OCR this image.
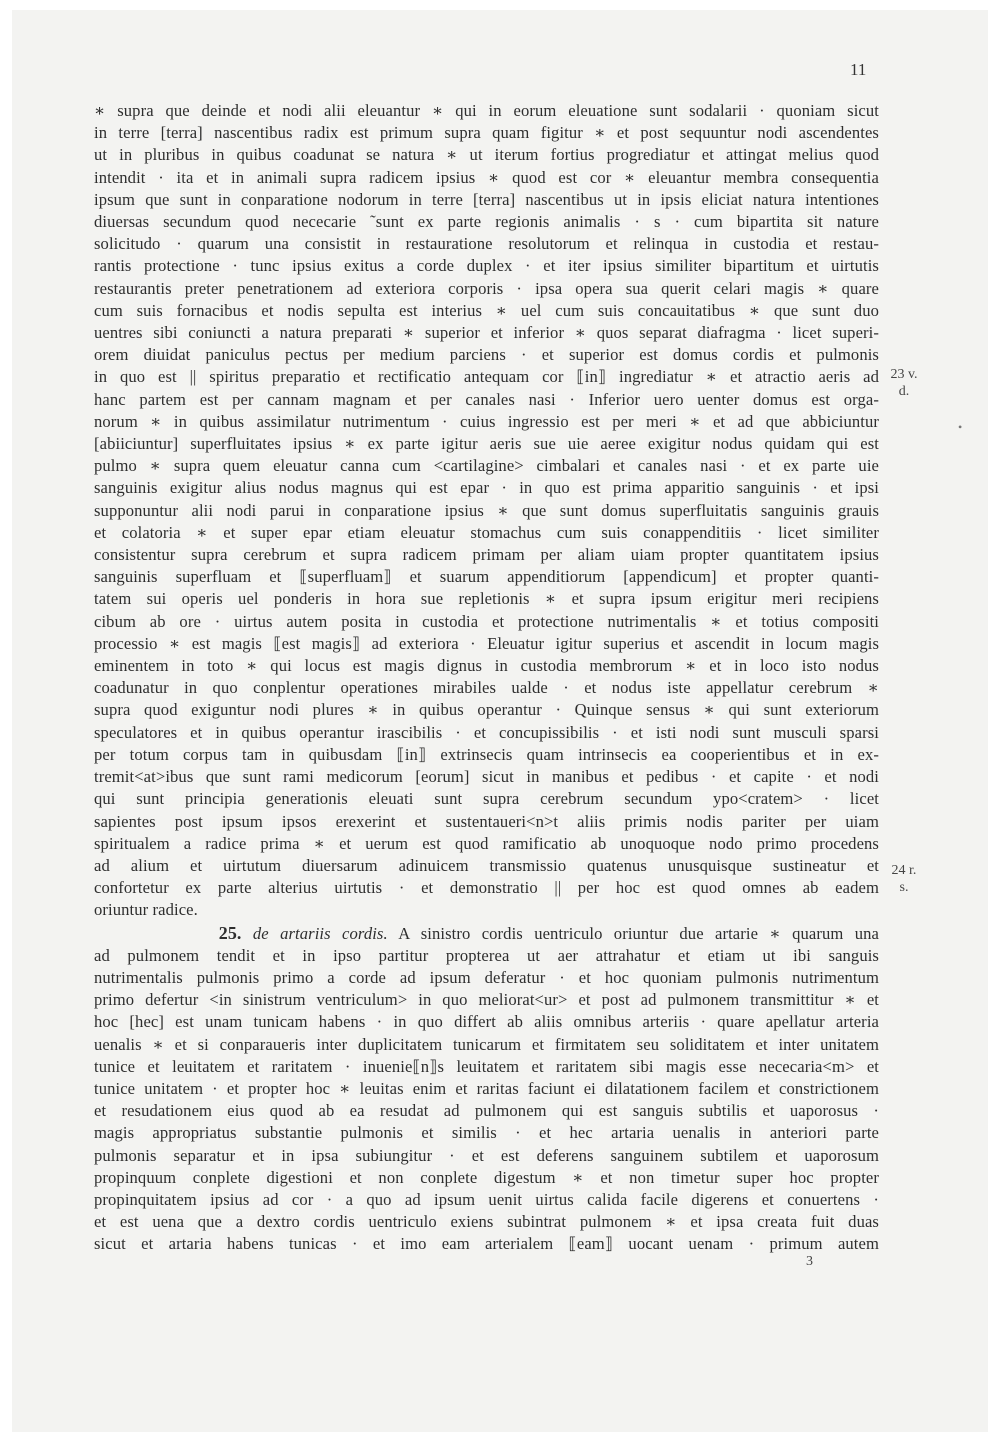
11
∗ supra que deinde et nodi alii eleuantur ∗ qui in eorum eleuatione sunt sodalarii · quoniam sicut
in terre [terra] nascentibus radix est primum supra quam figitur ∗ et post sequuntur nodi ascendentes
ut in pluribus in quibus coadunat se natura ∗ ut iterum fortius progrediatur et attingat melius quod
intendit · ita et in animali supra radicem ipsius ∗ quod est cor ∗ eleuantur membra consequentia
ipsum que sunt in conparatione nodorum in terre [terra] nascentibus ut in ipsis eliciat natura intentiones
diuersas secundum quod nececarie ˜sunt ex parte regionis animalis · s · cum bipartita sit nature
solicitudo · quarum una consistit in restauratione resolutorum et relinqua in custodia et restau-
rantis protectione · tunc ipsius exitus a corde duplex · et iter ipsius similiter bipartitum et uirtutis
restaurantis preter penetrationem ad exteriora corporis · ipsa opera sua querit celari magis ∗ quare
cum suis fornacibus et nodis sepulta est interius ∗ uel cum suis concauitatibus ∗ que sunt duo
uentres sibi coniuncti a natura preparati ∗ superior et inferior ∗ quos separat diafragma · licet superi-
orem diuidat paniculus pectus per medium parciens · et superior est domus cordis et pulmonis
in quo est || spiritus preparatio et rectificatio antequam cor ⟦in⟧ ingrediatur ∗ et atractio aeris ad
hanc partem est per cannam magnam et per canales nasi · Inferior uero uenter domus est orga-
norum ∗ in quibus assimilatur nutrimentum · cuius ingressio est per meri ∗ et ad que abbiciuntur
[abiiciuntur] superfluitates ipsius ∗ ex parte igitur aeris sue uie aeree exigitur nodus quidam qui est
pulmo ∗ supra quem eleuatur canna cum <cartilagine> cimbalari et canales nasi · et ex parte uie
sanguinis exigitur alius nodus magnus qui est epar · in quo est prima apparitio sanguinis · et ipsi
supponuntur alii nodi parui in conparatione ipsius ∗ que sunt domus superfluitatis sanguinis grauis
et colatoria ∗ et super epar etiam eleuatur stomachus cum suis conappenditiis · licet similiter
consistentur supra cerebrum et supra radicem primam per aliam uiam propter quantitatem ipsius
sanguinis superfluam et ⟦superfluam⟧ et suarum appenditiorum [appendicum] et propter quanti-
tatem sui operis uel ponderis in hora sue repletionis ∗ et supra ipsum erigitur meri recipiens
cibum ab ore · uirtus autem posita in custodia et protectione nutrimentalis ∗ et totius compositi
processio ∗ est magis ⟦est magis⟧ ad exteriora · Eleuatur igitur superius et ascendit in locum magis
eminentem in toto ∗ qui locus est magis dignus in custodia membrorum ∗ et in loco isto nodus
coadunatur in quo conplentur operationes mirabiles ualde · et nodus iste appellatur cerebrum ∗
supra quod exiguntur nodi plures ∗ in quibus operantur · Quinque sensus ∗ qui sunt exteriorum
speculatores et in quibus operantur irascibilis · et concupissibilis · et isti nodi sunt musculi sparsi
per totum corpus tam in quibusdam ⟦in⟧ extrinsecis quam intrinsecis ea cooperientibus et in ex-
tremit<at>ibus que sunt rami medicorum [eorum] sicut in manibus et pedibus · et capite · et nodi
qui sunt principia generationis eleuati sunt supra cerebrum secundum ypo<cratem> · licet
sapientes post ipsum ipsos erexerint et sustentaueri<n>t aliis primis nodis pariter per uiam
spiritualem a radice prima ∗ et uerum est quod ramificatio ab unoquoque nodo primo procedens
ad alium et uirtutum diuersarum adinuicem transmissio quatenus unusquisque sustineatur et
confortetur ex parte alterius uirtutis · et demonstratio || per hoc est quod omnes ab eadem
oriuntur radice.
25. de artariis cordis. A sinistro cordis uentriculo oriuntur due artarie ∗ quarum una
ad pulmonem tendit et in ipso partitur propterea ut aer attrahatur et etiam ut ibi sanguis
nutrimentalis pulmonis primo a corde ad ipsum deferatur · et hoc quoniam pulmonis nutrimentum
primo defertur <in sinistrum ventriculum> in quo meliorat<ur> et post ad pulmonem transmittitur ∗ et
hoc [hec] est unam tunicam habens · in quo differt ab aliis omnibus arteriis · quare apellatur arteria
uenalis ∗ et si conparaueris inter duplicitatem tunicarum et firmitatem seu soliditatem et inter unitatem
tunice et leuitatem et raritatem · inuenie⟦n⟧s leuitatem et raritatem sibi magis esse nececaria<m> et
tunice unitatem · et propter hoc ∗ leuitas enim et raritas faciunt ei dilatationem facilem et constrictionem
et resudationem eius quod ab ea resudat ad pulmonem qui est sanguis subtilis et uaporosus ·
magis appropriatus substantie pulmonis et similis · et hec artaria uenalis in anteriori parte
pulmonis separatur et in ipsa subiungitur · et est deferens sanguinem subtilem et uaporosum
propinquum conplete digestioni et non conplete digestum ∗ et non timetur super hoc propter
propinquitatem ipsius ad cor · a quo ad ipsum uenit uirtus calida facile digerens et conuertens ·
et est uena que a dextro cordis uentriculo exiens subintrat pulmonem ∗ et ipsa creata fuit duas
sicut et artaria habens tunicas · et imo eam arterialem ⟦eam⟧ uocant uenam · primum autem
23 v.
d.
•
24 r.
s.
3
